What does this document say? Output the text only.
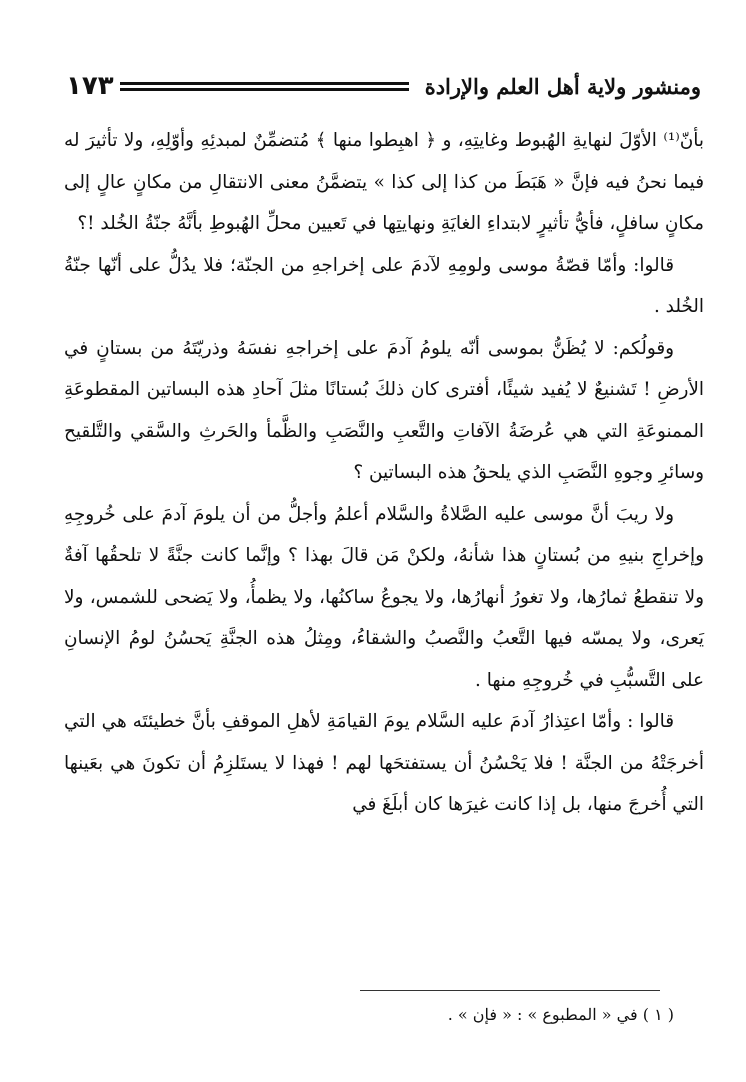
ومنشور ولاية أهل العلم والإرادة
١٧٣

بأنّ⁽¹⁾ الأوّلَ لنهايةِ الهُبوط وغايتِهِ، و ﴿ اهبِطوا منها ﴾ مُتضمِّنٌ لمبدئِهِ وأوّلِهِ، ولا تأثيرَ له فيما نحنُ فيه فإنَّ « هَبَطَ من كذا إلى كذا » يتضمَّنُ معنى الانتقالِ من مكانٍ عالٍ إلى مكانٍ سافلٍ، فأيُّ تأثيرٍ لابتداءِ الغايَةِ ونهايتِها في تَعيين محلِّ الهُبوطِ بأنَّهُ جنّةُ الخُلد !؟

قالوا: وأمّا قصّةُ موسى ولومِهِ لآدمَ على إخراجهِ من الجنّة؛ فلا يدُلُّ على أنّها جنّةُ الخُلد .

وقولُكم: لا يُظَنُّ بموسى أنّه يلومُ آدمَ على إخراجهِ نفسَهُ وذريّتَهُ من بستانٍ في الأرضِ ! تَشنيعٌ لا يُفيد شيئًا، أفترى كان ذلكَ بُستانًا مثلَ آحادِ هذه البساتين المقطوعَةِ الممنوعَةِ التي هي عُرضَةُ الآفاتِ والتَّعبِ والنَّصَبِ والظَّمأ والحَرثِ والسَّقي والتَّلقيح وسائرِ وجوهِ النَّصَبِ الذي يلحقُ هذه البساتين ؟

ولا ريبَ أنَّ موسى عليه الصَّلاةُ والسَّلام أعلمُ وأجلُّ من أن يلومَ آدمَ على خُروجِهِ وإخراجِ بنيهِ من بُستانٍ هذا شأنهُ، ولكنْ مَن قالَ بهذا ؟ وإنَّما كانت جنَّةً لا تلحقُها آفةٌ ولا تنقطعُ ثمارُها، ولا تغورُ أنهارُها، ولا يجوعُ ساكنُها، ولا يظمأُ، ولا يَضحى للشمس، ولا يَعرى، ولا يمسّه فيها التَّعبُ والنَّصبُ والشقاءُ، ومِثلُ هذه الجنَّةِ يَحسُنُ لومُ الإنسانِ على التَّسبُّبِ في خُروجِهِ منها .

قالوا : وأمّا اعتِذارُ آدمَ عليه السَّلام يومَ القيامَةِ لأهلِ الموقفِ بأنَّ خطيئتَه هي التي أخرجَتْهُ من الجنَّة ! فلا يَحْسُنُ أن يستفتحَها لهم ! فهذا لا يستَلزِمُ أن تكونَ هي بعَينها التي أُخرجَ منها، بل إذا كانت غيرَها كان أبلَغَ في

( ١ ) في « المطبوع » : « فإن » .
